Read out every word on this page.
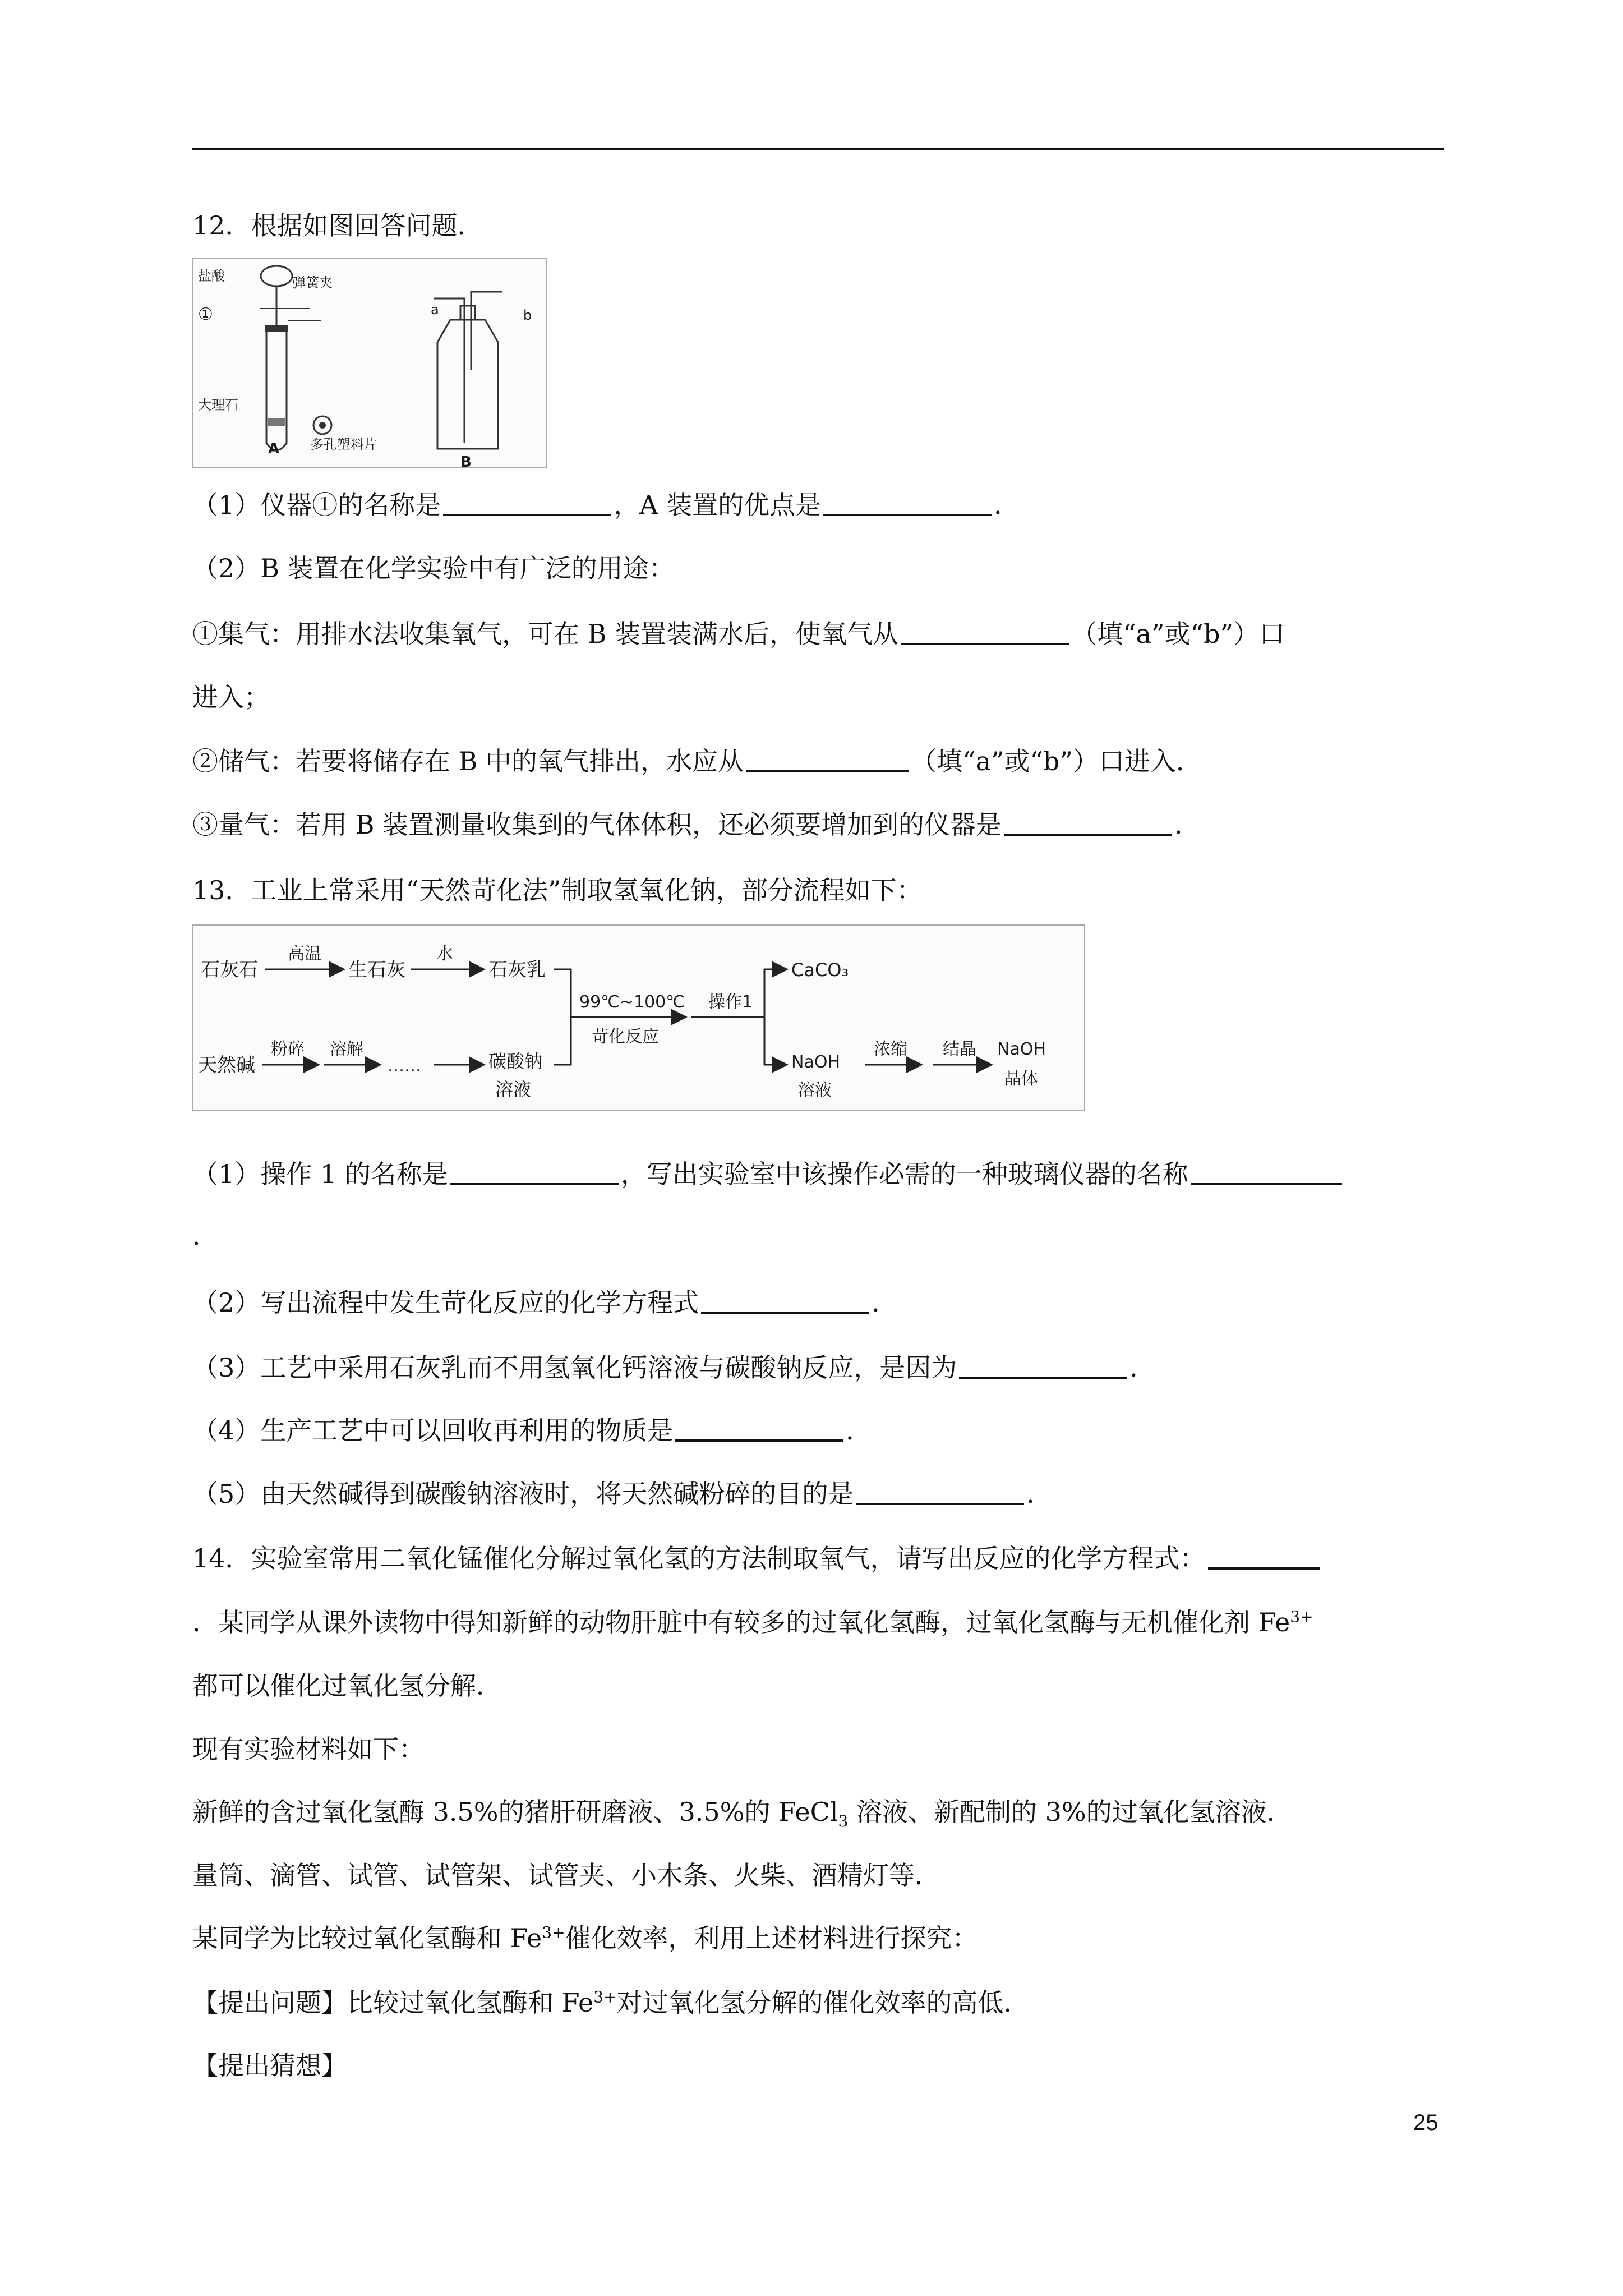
12．根据如图回答问题．
盐酸	弹簧夹
①
大理石
多孔塑料片
A
a	b
B
（1）仪器①的名称是	，A 装置的优点是	．
（2）B 装置在化学实验中有广泛的用途：
①集气：用排水法收集氧气，可在 B 装置装满水后，使氧气从	（填“a”或“b”）口
进入；
②储气：若要将储存在 B 中的氧气排出，水应从	（填“a”或“b”）口进入．
③量气：若用 B 装置测量收集到的气体体积，还必须要增加到的仪器是	．
13．工业上常采用“天然苛化法”制取氢氧化钠，部分流程如下：
石灰石
高温
生石灰
水
石灰乳
天然碱
粉碎 溶解
……	碳酸钠
溶液
99℃~100℃
苛化反应
操作1
CaCO₃
NaOH
溶液
浓缩 结晶 NaOH
晶体
（1）操作 1 的名称是	，写出实验室中该操作必需的一种玻璃仪器的名称
．
（2）写出流程中发生苛化反应的化学方程式	．
（3）工艺中采用石灰乳而不用氢氧化钙溶液与碳酸钠反应，是因为	．
（4）生产工艺中可以回收再利用的物质是	．
（5）由天然碱得到碳酸钠溶液时，将天然碱粉碎的目的是	．
14．实验室常用二氧化锰催化分解过氧化氢的方法制取氧气，请写出反应的化学方程式：
．某同学从课外读物中得知新鲜的动物肝脏中有较多的过氧化氢酶，过氧化氢酶与无机催化剂 $Fe^{3+}$
都可以催化过氧化氢分解．
现有实验材料如下：
新鲜的含过氧化氢酶 3.5%的猪肝研磨液、3.5%的 FeCl$_3$ 溶液、新配制的 3%的过氧化氢溶液．
量筒、滴管、试管、试管架、试管夹、小木条、火柴、酒精灯等．
某同学为比较过氧化氢酶和 $Fe^{3+}$催化效率，利用上述材料进行探究：
【提出问题】比较过氧化氢酶和 $Fe^{3+}$对过氧化氢分解的催化效率的高低．
【提出猜想】
25
